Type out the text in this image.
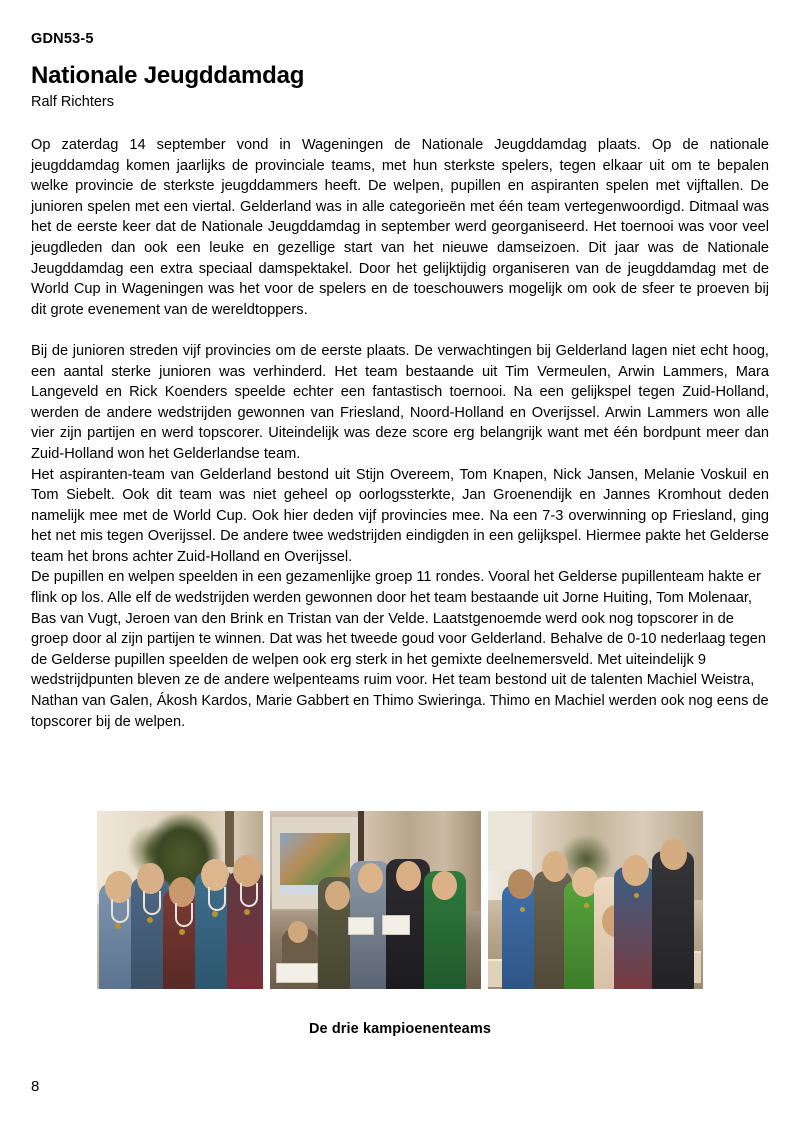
GDN53-5
Nationale Jeugddamdag
Ralf Richters

Op zaterdag 14 september vond in Wageningen de Nationale Jeugddamdag plaats. Op de nationale jeugddamdag komen jaarlijks de provinciale teams, met hun sterkste spelers, tegen elkaar uit om te bepalen welke provincie de sterkste jeugddammers heeft. De welpen, pupillen en aspiranten spelen met vijftallen. De junioren spelen met een viertal. Gelderland was in alle categorieën met één team vertegenwoordigd. Ditmaal was het de eerste keer dat de Nationale Jeugddamdag in september werd georganiseerd. Het toernooi was voor veel jeugdleden dan ook een leuke en gezellige start van het nieuwe damseizoen. Dit jaar was de Nationale Jeugddamdag een extra speciaal damspektakel. Door het gelijktijdig organiseren van de jeugddamdag met de World Cup in Wageningen was het voor de spelers en de toeschouwers mogelijk om ook de sfeer te proeven bij dit grote evenement van de wereldtoppers.

Bij de junioren streden vijf provincies om de eerste plaats. De verwachtingen bij Gelderland lagen niet echt hoog, een aantal sterke junioren was verhinderd. Het team bestaande uit Tim Vermeulen, Arwin Lammers, Mara Langeveld en Rick Koenders speelde echter een fantastisch toernooi. Na een gelijkspel tegen Zuid-Holland, werden de andere wedstrijden gewonnen van Friesland, Noord-Holland en Overijssel. Arwin Lammers won alle vier zijn partijen en werd topscorer. Uiteindelijk was deze score erg belangrijk want met één bordpunt meer dan Zuid-Holland won het Gelderlandse team.

Het aspiranten-team van Gelderland bestond uit Stijn Overeem, Tom Knapen, Nick Jansen, Melanie Voskuil en Tom Siebelt. Ook dit team was niet geheel op oorlogssterkte, Jan Groenendijk en Jannes Kromhout deden namelijk mee met de World Cup. Ook hier deden vijf provincies mee. Na een 7-3 overwinning op Friesland, ging het net mis tegen Overijssel. De andere twee wedstrijden eindigden in een gelijkspel. Hiermee pakte het Gelderse team het brons achter Zuid-Holland en Overijssel.

De pupillen en welpen speelden in een gezamenlijke groep 11 rondes. Vooral het Gelderse pupillenteam hakte er flink op los. Alle elf de wedstrijden werden gewonnen door het team bestaande uit Jorne Huiting, Tom Molenaar, Bas van Vugt, Jeroen van den Brink en Tristan van der Velde. Laatstgenoemde werd ook nog topscorer in de groep door al zijn partijen te winnen. Dat was het tweede goud voor Gelderland. Behalve de 0-10 nederlaag tegen de Gelderse pupillen speelden de welpen ook erg sterk in het gemixte deelnemersveld. Met uiteindelijk 9 wedstrijdpunten bleven ze de andere welpenteams ruim voor. Het team bestond uit de talenten Machiel Weistra, Nathan van Galen, Ákosh Kardos, Marie Gabbert en Thimo Swieringa. Thimo en Machiel werden ook nog eens de topscorer bij de welpen.

De drie kampioenenteams
8
